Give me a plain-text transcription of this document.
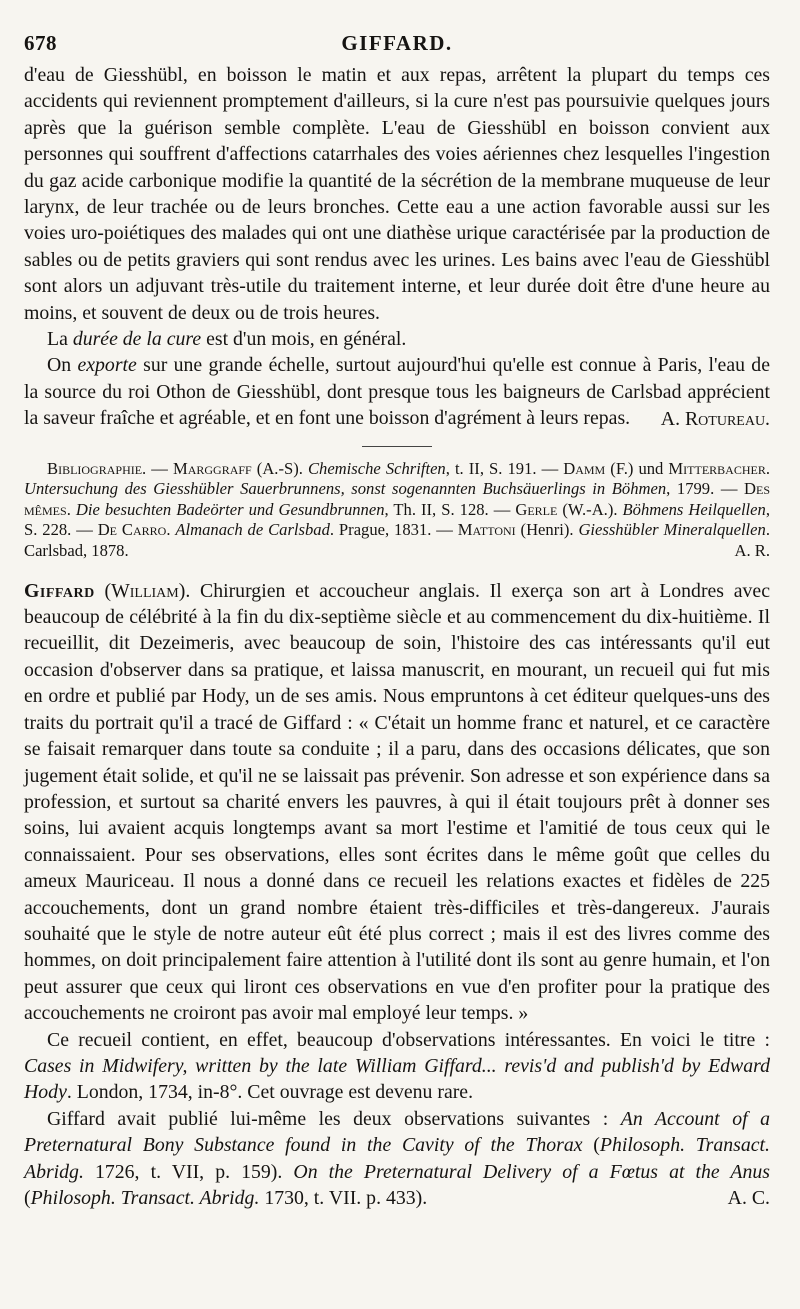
678	GIFFARD.

d'eau de Giesshübl, en boisson le matin et aux repas, arrêtent la plupart du temps ces accidents qui reviennent promptement d'ailleurs, si la cure n'est pas poursuivie quelques jours après que la guérison semble complète. L'eau de Giesshübl en boisson convient aux personnes qui souffrent d'affections catarrhales des voies aériennes chez lesquelles l'ingestion du gaz acide carbonique modifie la quantité de la sécrétion de la membrane muqueuse de leur larynx, de leur trachée ou de leurs bronches. Cette eau a une action favorable aussi sur les voies uro-poiétiques des malades qui ont une diathèse urique caractérisée par la production de sables ou de petits graviers qui sont rendus avec les urines. Les bains avec l'eau de Giesshübl sont alors un adjuvant très-utile du traitement interne, et leur durée doit être d'une heure au moins, et souvent de deux ou de trois heures.

La durée de la cure est d'un mois, en général.

On exporte sur une grande échelle, surtout aujourd'hui qu'elle est connue à Paris, l'eau de la source du roi Othon de Giesshübl, dont presque tous les baigneurs de Carlsbad apprécient la saveur fraîche et agréable, et en font une boisson d'agrément à leurs repas.	A. Rotureau.

Bibliographie. — Marggraff (A.-S). Chemische Schriften, t. II, S. 191. — Damm (F.) und Mitterbacher. Untersuchung des Giesshübler Sauerbrunnens, sonst sogenannten Buchsäuerlings in Böhmen, 1799. — Des mêmes. Die besuchten Badeörter und Gesundbrunnen, Th. II, S. 128. — Gerle (W.-A.). Böhmens Heilquellen, S. 228. — De Carro. Almanach de Carlsbad. Prague, 1831. — Mattoni (Henri). Giesshübler Mineralquellen. Carlsbad, 1878.	A. R.

Giffard (William). Chirurgien et accoucheur anglais. Il exerça son art à Londres avec beaucoup de célébrité à la fin du dix-septième siècle et au commencement du dix-huitième. Il recueillit, dit Dezeimeris, avec beaucoup de soin, l'histoire des cas intéressants qu'il eut occasion d'observer dans sa pratique, et laissa manuscrit, en mourant, un recueil qui fut mis en ordre et publié par Hody, un de ses amis. Nous empruntons à cet éditeur quelques-uns des traits du portrait qu'il a tracé de Giffard : « C'était un homme franc et naturel, et ce caractère se faisait remarquer dans toute sa conduite ; il a paru, dans des occasions délicates, que son jugement était solide, et qu'il ne se laissait pas prévenir. Son adresse et son expérience dans sa profession, et surtout sa charité envers les pauvres, à qui il était toujours prêt à donner ses soins, lui avaient acquis longtemps avant sa mort l'estime et l'amitié de tous ceux qui le connaissaient. Pour ses observations, elles sont écrites dans le même goût que celles du ameux Mauriceau. Il nous a donné dans ce recueil les relations exactes et fidèles de 225 accouchements, dont un grand nombre étaient très-difficiles et très-dangereux. J'aurais souhaité que le style de notre auteur eût été plus correct ; mais il est des livres comme des hommes, on doit principalement faire attention à l'utilité dont ils sont au genre humain, et l'on peut assurer que ceux qui liront ces observations en vue d'en profiter pour la pratique des accouchements ne croiront pas avoir mal employé leur temps. »

Ce recueil contient, en effet, beaucoup d'observations intéressantes. En voici le titre : Cases in Midwifery, written by the late William Giffard... revis'd and publish'd by Edward Hody. London, 1734, in-8°. Cet ouvrage est devenu rare.

Giffard avait publié lui-même les deux observations suivantes : An Account of a Preternatural Bony Substance found in the Cavity of the Thorax (Philosoph. Transact. Abridg. 1726, t. VII, p. 159). On the Preternatural Delivery of a Fœtus at the Anus (Philosoph. Transact. Abridg. 1730, t. VII. p. 433).	A. C.
